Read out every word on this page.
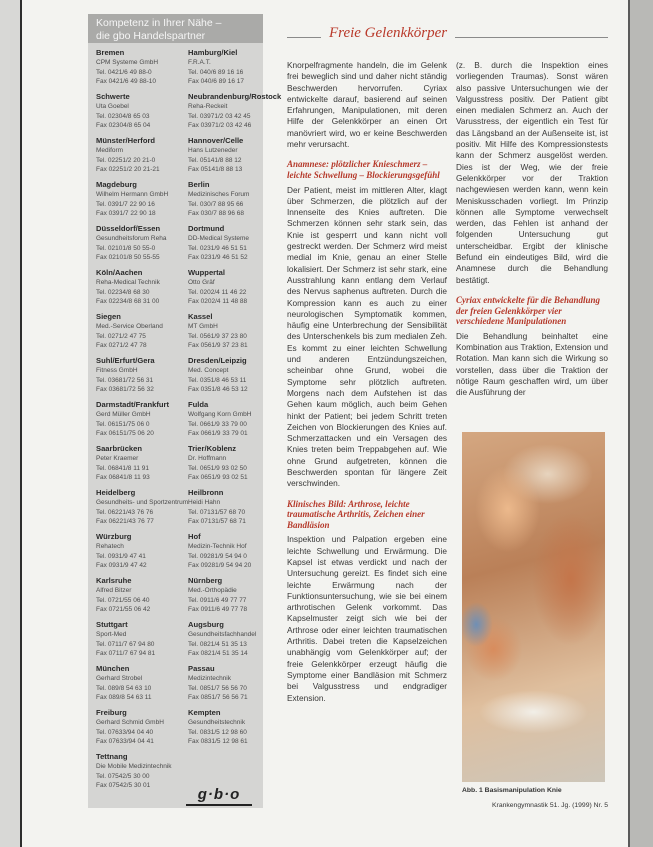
Kompetenz in Ihrer Nähe –
die gbo Handelspartner
Bremen
CPM Systeme GmbH
Tel. 0421/6 49 88-0
Fax 0421/6 49 88-10
Schwerte
Uta Goebel
Tel. 02304/8 65 03
Fax 02304/8 65 04
Münster/Herford
Mediform
Tel. 02251/2 20 21-0
Fax 02251/2 20 21-21
Magdeburg
Wilhelm Hermann GmbH
Tel. 0391/7 22 90 16
Fax 0391/7 22 90 18
Düsseldorf/Essen
Gesundheitsforum Reha
Tel. 02101/8 50 55-0
Fax 02101/8 50 55-55
Köln/Aachen
Reha-Medical Technik
Tel. 02234/8 68 30
Fax 02234/8 68 31 00
Siegen
Med.-Service Oberland
Tel. 0271/2 47 75
Fax 0271/2 47 78
Suhl/Erfurt/Gera
Fitness GmbH
Tel. 03681/72 56 31
Fax 03681/72 56 32
Darmstadt/Frankfurt
Gerd Müller GmbH
Tel. 06151/75 06 0
Fax 06151/75 06 20
Saarbrücken
Peter Kraemer
Tel. 06841/8 11 91
Fax 06841/8 11 93
Heidelberg
Gesundheits- und Sportzentrum
Tel. 06221/43 76 76
Fax 06221/43 76 77
Würzburg
Rehatech
Tel. 0931/9 47 41
Fax 0931/9 47 42
Karlsruhe
Alfred Bitzer
Tel. 0721/55 06 40
Fax 0721/55 06 42
Stuttgart
Sport-Med
Tel. 0711/7 67 94 80
Fax 0711/7 67 94 81
München
Gerhard Strobel
Tel. 089/8 54 63 10
Fax 089/8 54 63 11
Freiburg
Gerhard Schmid GmbH
Tel. 07633/94 04 40
Fax 07633/94 04 41
Tettnang
Die Mobile Medizintechnik
Tel. 07542/5 30 00
Fax 07542/5 30 01
Hamburg/Kiel
F.R.A.T.
Tel. 040/6 89 16 16
Fax 040/6 89 16 17
Neubrandenburg/Rostock
Reha-Reckeit
Tel. 03971/2 03 42 45
Fax 03971/2 03 42 46
Hannover/Celle
Hans Lutzeneder
Tel. 05141/8 88 12
Fax 05141/8 88 13
Berlin
Medizinisches Forum
Tel. 030/7 88 95 66
Fax 030/7 88 96 68
Dortmund
DD-Medical Systeme
Tel. 0231/9 46 51 51
Fax 0231/9 46 51 52
Wuppertal
Otto Gräf
Tel. 0202/4 11 46 22
Fax 0202/4 11 48 88
Kassel
MT GmbH
Tel. 0561/9 37 23 80
Fax 0561/9 37 23 81
Dresden/Leipzig
Med. Concept
Tel. 0351/8 46 53 11
Fax 0351/8 46 53 12
Fulda
Wolfgang Korn GmbH
Tel. 0661/9 33 79 00
Fax 0661/9 33 79 01
Trier/Koblenz
Dr. Hoffmann
Tel. 0651/9 93 02 50
Fax 0651/9 93 02 51
Heilbronn
Heidi Hahn
Tel. 07131/57 68 70
Fax 07131/57 68 71
Hof
Medizin-Technik Hof
Tel. 09281/9 54 94 0
Fax 09281/9 54 94 20
Nürnberg
Med.-Orthopädie
Tel. 0911/6 49 77 77
Fax 0911/6 49 77 78
Augsburg
Gesundheitsfachhandel
Tel. 0821/4 51 35 13
Fax 0821/4 51 35 14
Passau
Medizintechnik
Tel. 0851/7 56 56 70
Fax 0851/7 56 56 71
Kempten
Gesundheitstechnik
Tel. 0831/5 12 98 60
Fax 0831/5 12 98 61
g·b·o
Freie Gelenkkörper

Knorpelfragmente handeln, die im Gelenk frei beweglich sind und daher nicht ständig Beschwerden hervorrufen. Cyriax entwickelte darauf, basierend auf seinen Erfahrungen, Manipulationen, mit deren Hilfe der Gelenkkörper an einen Ort manövriert wird, wo er keine Beschwerden mehr verursacht.

Anamnese: plötzlicher Knieschmerz – leichte Schwellung – Blockierungsgefühl

Der Patient, meist im mittleren Alter, klagt über Schmerzen, die plötzlich auf der Innenseite des Knies auftreten. Die Schmerzen können sehr stark sein, das Knie ist gesperrt und kann nicht voll gestreckt werden. Der Schmerz wird meist medial im Knie, genau an einer Stelle lokalisiert. Der Schmerz ist sehr stark, eine Ausstrahlung kann entlang dem Verlauf des Nervus saphenus auftreten. Durch die Kompression kann es auch zu einer neurologischen Symptomatik kommen, häufig eine Unterbrechung der Sensibilität des Unterschenkels bis zum medialen Zeh. Es kommt zu einer leichten Schwellung und anderen Entzündungszeichen, scheinbar ohne Grund, wobei die Symptome sehr plötzlich auftreten. Morgens nach dem Aufstehen ist das Gehen kaum möglich, auch beim Gehen hinkt der Patient; bei jedem Schritt treten Zeichen von Blockierungen des Knies auf. Schmerzattacken und ein Versagen des Knies treten beim Treppabgehen auf. Wie ohne Grund aufgetreten, können die Beschwerden spontan für längere Zeit verschwinden.

Klinisches Bild: Arthrose, leichte traumatische Arthritis, Zeichen einer Bandläsion

Inspektion und Palpation ergeben eine leichte Schwellung und Erwärmung. Die Kapsel ist etwas verdickt und nach der Untersuchung gereizt. Es findet sich eine leichte Erwärmung nach der Funktionsuntersuchung, wie sie bei einem arthrotischen Gelenk vorkommt. Das Kapselmuster zeigt sich wie bei der Arthrose oder einer leichten traumatischen Arthritis. Dabei treten die Kapselzeichen unabhängig vom Gelenkkörper auf; der freie Gelenkkörper erzeugt häufig die Symptome einer Bandläsion mit Schmerz bei Valgusstress und endgradiger Extension.

(z. B. durch die Inspektion eines vorliegenden Traumas). Sonst wären also passive Untersuchungen wie der Valgusstress positiv. Der Patient gibt einen medialen Schmerz an. Auch der Varusstress, der eigentlich ein Test für das Längsband an der Außenseite ist, ist positiv. Mit Hilfe des Kompressionstests kann der Schmerz ausgelöst werden. Dies ist der Weg, wie der freie Gelenkkörper vor der Traktion nachgewiesen werden kann, wenn kein Meniskusschaden vorliegt. Im Prinzip können alle Symptome verwechselt werden, das Fehlen ist anhand der folgenden Untersuchung gut unterscheidbar. Ergibt der klinische Befund ein eindeutiges Bild, wird die Anamnese durch die Behandlung bestätigt.

Cyriax entwickelte für die Behandlung der freien Gelenkkörper vier verschiedene Manipulationen

Die Behandlung beinhaltet eine Kombination aus Traktion, Extension und Rotation. Man kann sich die Wirkung so vorstellen, dass über die Traktion der nötige Raum geschaffen wird, um über die Ausführung der

Abb. 1 Basismanipulation Knie
Krankengymnastik 51. Jg. (1999) Nr. 5
